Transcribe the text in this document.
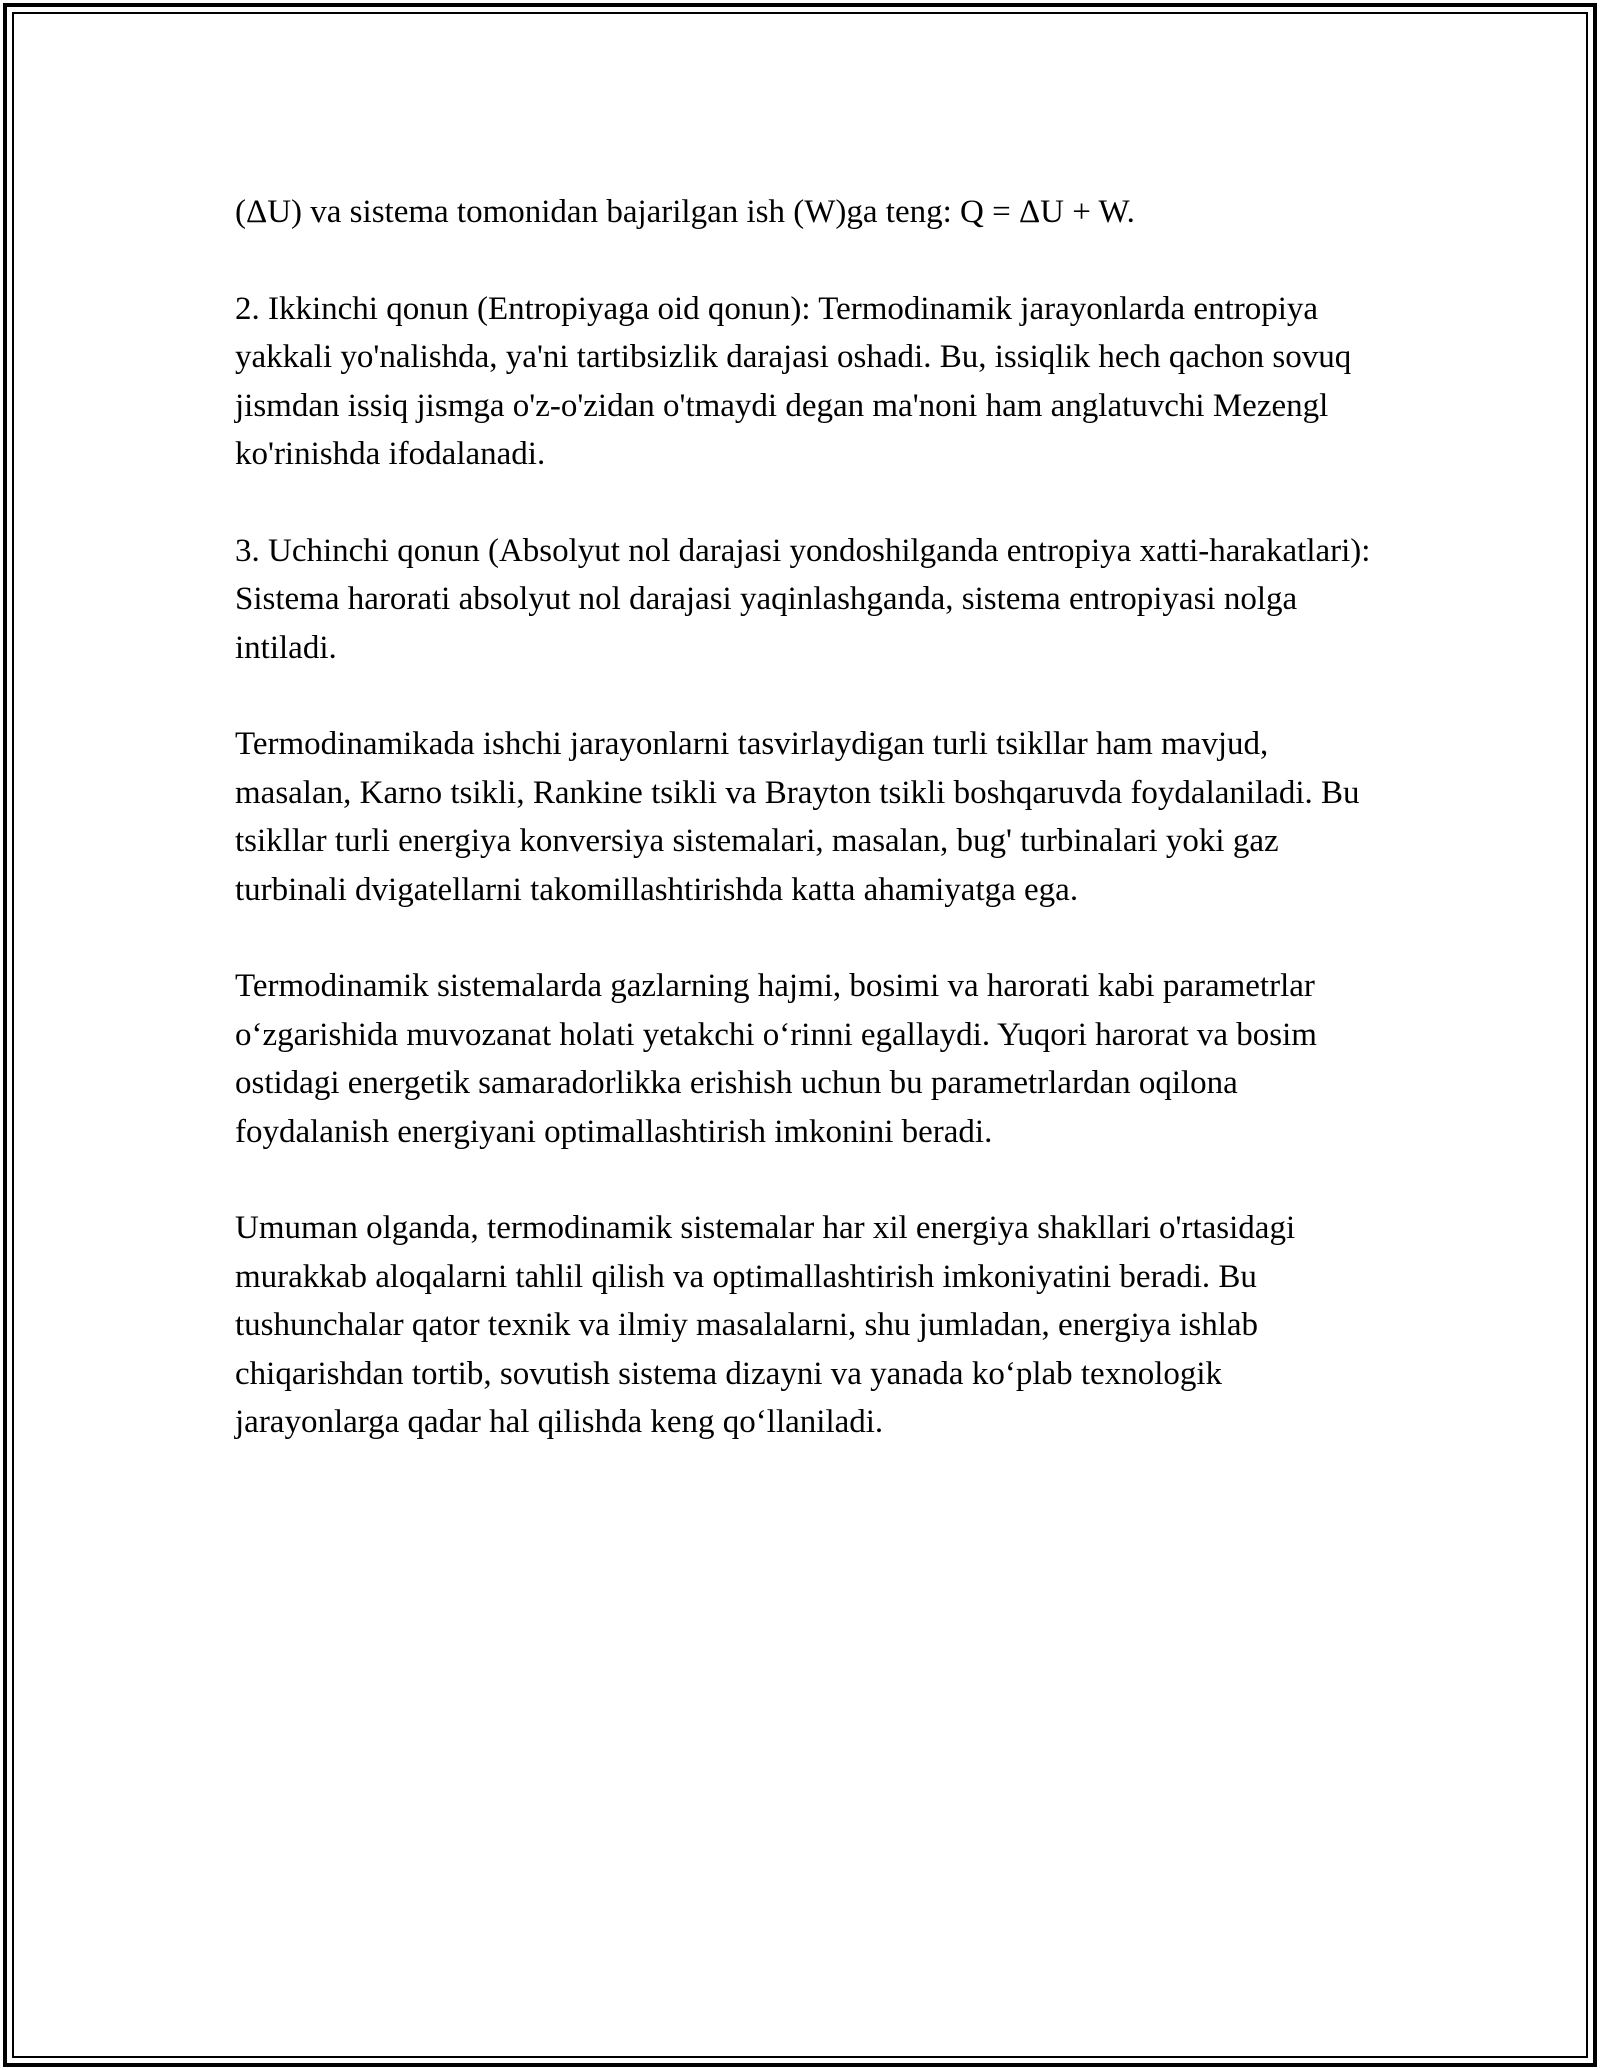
(ΔU) va sistema tomonidan bajarilgan ish (W)ga teng: Q = ΔU + W.

2. Ikkinchi qonun (Entropiyaga oid qonun): Termodinamik jarayonlarda entropiya yakkali yo'nalishda, ya'ni tartibsizlik darajasi oshadi. Bu, issiqlik hech qachon sovuq jismdan issiq jismga o'z-o'zidan o'tmaydi degan ma'noni ham anglatuvchi Mezengl ko'rinishda ifodalanadi.

3. Uchinchi qonun (Absolyut nol darajasi yondoshilganda entropiya xatti-harakatlari): Sistema harorati absolyut nol darajasi yaqinlashganda, sistema entropiyasi nolga intiladi.

Termodinamikada ishchi jarayonlarni tasvirlaydigan turli tsikllar ham mavjud, masalan, Karno tsikli, Rankine tsikli va Brayton tsikli boshqaruvda foydalaniladi. Bu tsikllar turli energiya konversiya sistemalari, masalan, bug' turbinalari yoki gaz turbinali dvigatellarni takomillashtirishda katta ahamiyatga ega.

Termodinamik sistemalarda gazlarning hajmi, bosimi va harorati kabi parametrlar o‘zgarishida muvozanat holati yetakchi o‘rinni egallaydi. Yuqori harorat va bosim ostidagi energetik samaradorlikka erishish uchun bu parametrlardan oqilona foydalanish energiyani optimallashtirish imkonini beradi.

Umuman olganda, termodinamik sistemalar har xil energiya shakllari o'rtasidagi murakkab aloqalarni tahlil qilish va optimallashtirish imkoniyatini beradi. Bu tushunchalar qator texnik va ilmiy masalalarni, shu jumladan, energiya ishlab chiqarishdan tortib, sovutish sistema dizayni va yanada ko‘plab texnologik jarayonlarga qadar hal qilishda keng qo‘llaniladi.
